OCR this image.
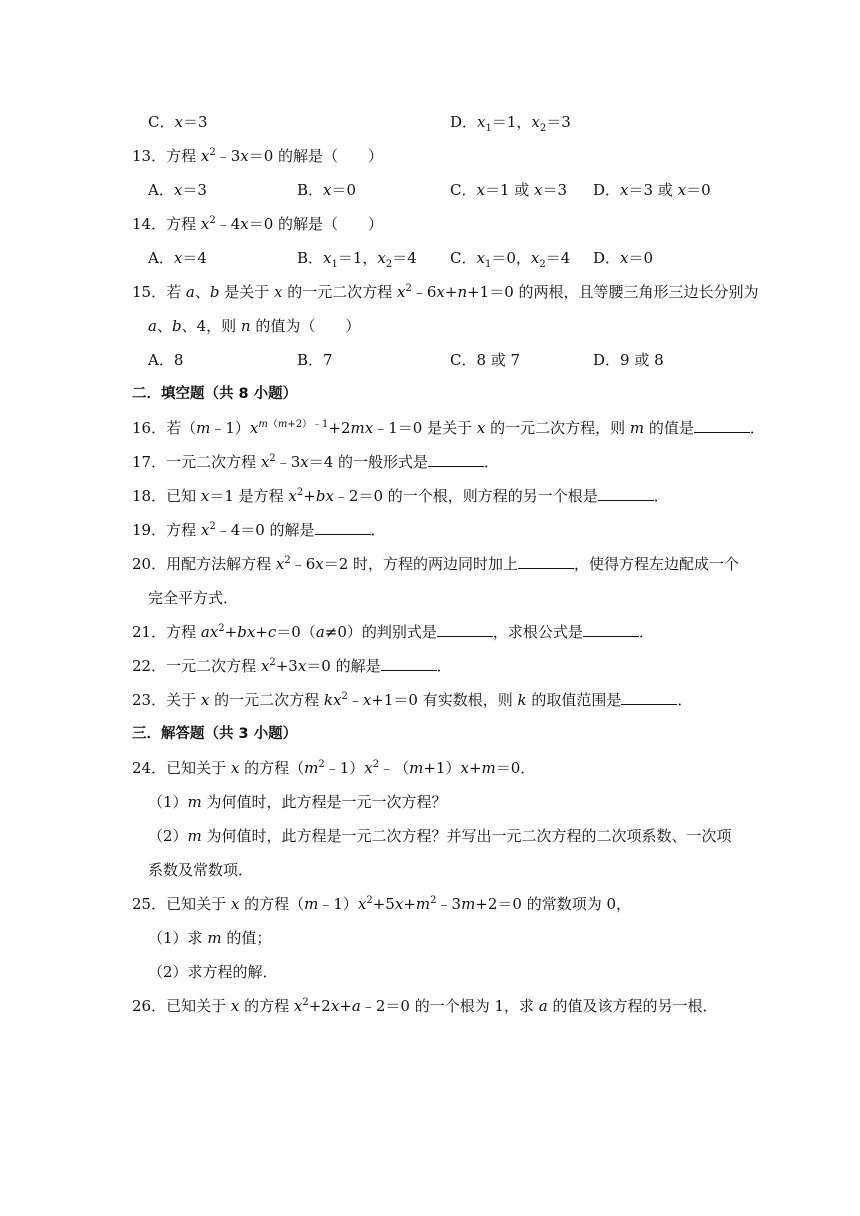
C．x＝3	D．$x_1=1$，$x_2=3$
13．方程 $x^2﹣3x=0$ 的解是（　　）
A．x＝3	B．x＝0	C．x＝1 或 x＝3 D．x＝3 或 x＝0
14．方程 $x^2﹣4x=0$ 的解是（　　）
A．x＝4	B．$x_1=1$，$x_2=4$ C．$x_1=0$，$x_2=4$ D．x＝0
15．若 a、b 是关于 x 的一元二次方程 $x^2﹣6x+n+1=0$ 的两根，且等腰三角形三边长分别为
a、b、4，则 n 的值为（　　）
A．8	B．7	C．8 或 7	D．9 或 8
二．填空题（共 8 小题）
16．若$(m﹣1)x^{m(m+2)﹣1}+2mx﹣1=0$ 是关于 x 的一元二次方程，则 m 的值是	．
17．一元二次方程 $x^2﹣3x=4$ 的一般形式是	．
18．已知 x＝1 是方程 $x^2+bx﹣2=0$ 的一个根，则方程的另一个根是	．
19．方程 $x^2﹣4=0$ 的解是	．
20．用配方法解方程 $x^2﹣6x=2$ 时，方程的两边同时加上	，使得方程左边配成一个
完全平方式．
21．方程 $ax^2+bx+c=0(a\ne 0)$的判别式是	，求根公式是	．
22．一元二次方程 $x^2+3x=0$ 的解是	．
23．关于 x 的一元二次方程 $kx^2﹣x+1=0$ 有实数根，则 k 的取值范围是	．
三．解答题（共 3 小题）
24．已知关于 x 的方程$(m^2﹣1)x^2﹣(m+1)x+m=0$．
（1）m 为何值时，此方程是一元一次方程？
（2）m 为何值时，此方程是一元二次方程？并写出一元二次方程的二次项系数、一次项
系数及常数项．
25．已知关于 x 的方程$(m﹣1)x^2+5x+m^2﹣3m+2=0$ 的常数项为 0，
（1）求 m 的值；
（2）求方程的解．
26．已知关于 x 的方程 $x^2+2x+a﹣2=0$ 的一个根为 1，求 a 的值及该方程的另一根．
